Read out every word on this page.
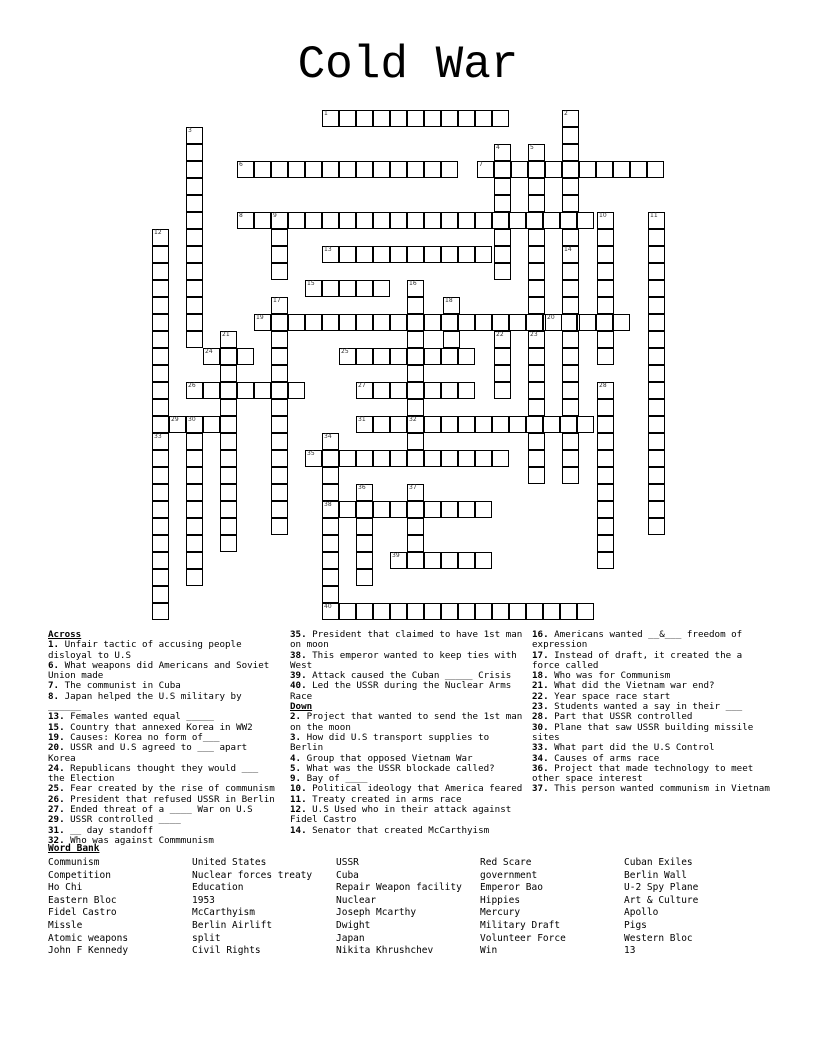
Cold War
1	2
14
3
4	5
23
6	7
8	9	10	11
12
13
15	16
32
17	18
19	20
21	22
24	25
26	27	28
29 30	31
33	34
38
40
35
36	37
39
Across
1. Unfair tactic of accusing people disloyal to U.S
6. What weapons did Americans and Soviet Union made
7. The communist in Cuba
8. Japan helped the U.S military by ______
13. Females wanted equal _____
15. Country that annexed Korea in WW2
19. Causes: Korea no form of___
20. USSR and U.S agreed to ___ apart Korea
24. Republicans thought they would ___ the Election
25. Fear created by the rise of communism
26. President that refused USSR in Berlin
27. Ended threat of a ____ War on U.S
29. USSR controlled ____
31. __ day standoff
32. Who was against Commmunism
35. President that claimed to have 1st man on moon
38. This emperor wanted to keep ties with West
39. Attack caused the Cuban _____ Crisis
40. Led the USSR during the Nuclear Arms Race
Down
2. Project that wanted to send the 1st man on the moon
3. How did U.S transport supplies to Berlin
4. Group that opposed Vietnam War
5. What was the USSR blockade called?
9. Bay of ____
10. Political ideology that America feared
11. Treaty created in arms race
12. U.S Used who in their attack against Fidel Castro
14. Senator that created McCarthyism
16. Americans wanted __&___ freedom of expression
17. Instead of draft, it created the a force called
18. Who was for Communism
21. What did the Vietnam war end?
22. Year space race start
23. Students wanted a say in their ___
28. Part that USSR controlled
30. Plane that saw USSR building missile sites
33. What part did the U.S Control
34. Causes of arms race
36. Project that made technology to meet other space interest
37. This person wanted communism in Vietnam
Word Bank
Communism
Competition
Ho Chi
Eastern Bloc
Fidel Castro
Missle
Atomic weapons
John F Kennedy
United States
Nuclear forces treaty
Education
1953
McCarthyism
Berlin Airlift
split
Civil Rights
USSR
Cuba
Repair Weapon facility
Nuclear
Joseph Mcarthy
Dwight
Japan
Nikita Khrushchev
Red Scare
government
Emperor Bao
Hippies
Mercury
Military Draft
Volunteer Force
Win
Cuban Exiles
Berlin Wall
U-2 Spy Plane
Art & Culture
Apollo
Pigs
Western Bloc
13
